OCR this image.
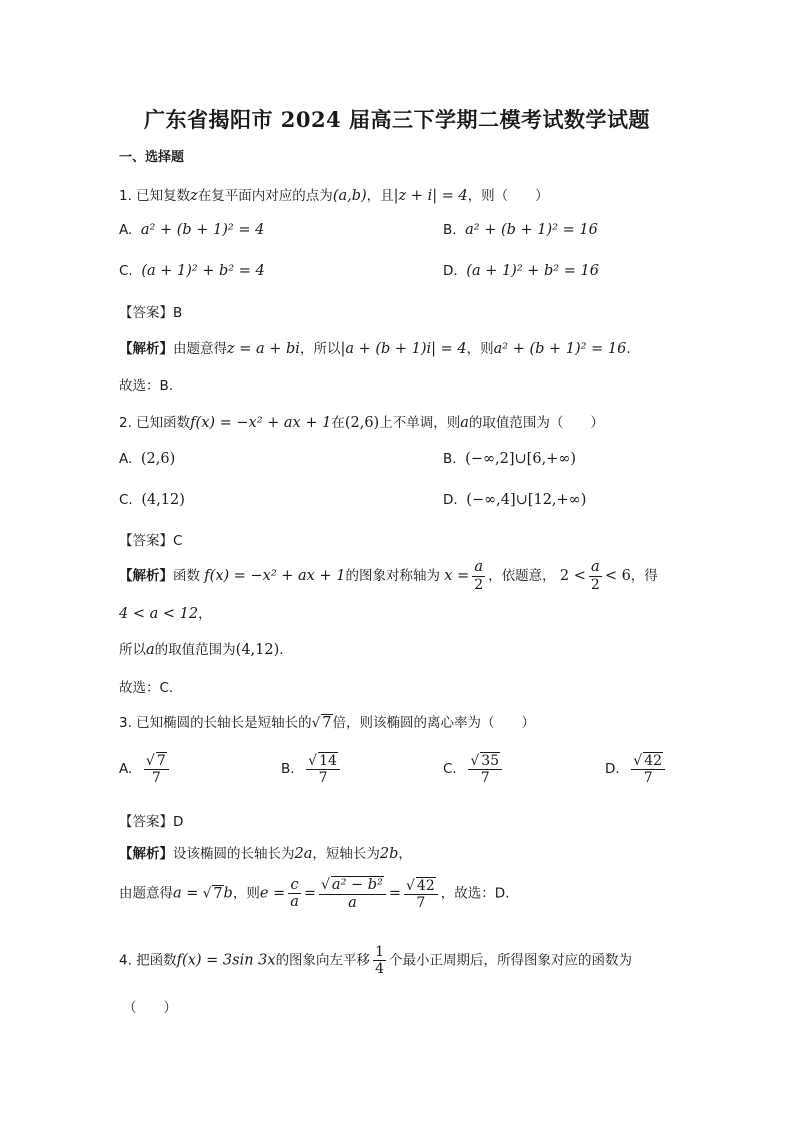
广东省揭阳市 2024 届高三下学期二模考试数学试题
一、选择题
1. 已知复数z在复平面内对应的点为(a,b)，且|z + i| = 4，则（　　）
A. a² + (b + 1)² = 4	B. a² + (b + 1)² = 16
C. (a + 1)² + b² = 4	D. (a + 1)² + b² = 16
【答案】B
【解析】由题意得z = a + bi，所以|a + (b + 1)i| = 4，则a² + (b + 1)² = 16.
故选：B.
2. 已知函数f(x) = −x² + ax + 1在(2,6)上不单调，则a的取值范围为（　　）
A. (2,6)	B. (−∞,2]∪[6,+∞)
C. (4,12)	D. (−∞,4]∪[12,+∞)
【答案】C
【解析】函数 f(x) = −x² + ax + 1的图象对称轴为 $x = \frac{a}{2}$ ，依题意， $2 < \frac{a}{2} < 6$，得
4 < a < 12，
所以a的取值范围为(4,12).
故选：C.
3. 已知椭圆的长轴长是短轴长的√ 7倍，则该椭圆的离心率为（　　）
A. $\frac{√ 7}{7}$	B. $\frac{√ 14}{7}$	C. $\frac{√ 35}{7}$	D. $\frac{√ 42}{7}$
【答案】D
【解析】设该椭圆的长轴长为2a，短轴长为2b，
由题意得a = √ 7b，则$e = \frac{c}{a} = \frac{\text{√ a² − b²}}{a} = \frac{√ 42}{7}$ ，故选：D.
4. 把函数f(x) = 3sin 3x的图象向左平移 $\frac{1}{4}$ 个最小正周期后，所得图象对应的函数为
（　　）
